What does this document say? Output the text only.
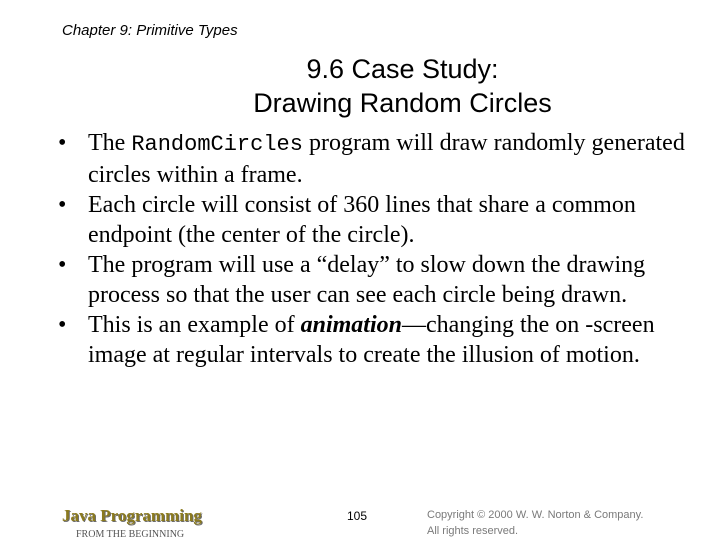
Chapter 9: Primitive Types
9.6 Case Study:
Drawing Random Circles
• The RandomCircles program will draw randomly generated circles within a frame.
• Each circle will consist of 360 lines that share a common endpoint (the center of the circle).
• The program will use a “delay” to slow down the drawing process so that the user can see each circle being drawn.
• This is an example of animation—changing the on -screen image at regular intervals to create the illusion of motion.
Java Programming
FROM THE BEGINNING
105	Copyright © 2000 W. W. Norton & Company.
All rights reserved.
